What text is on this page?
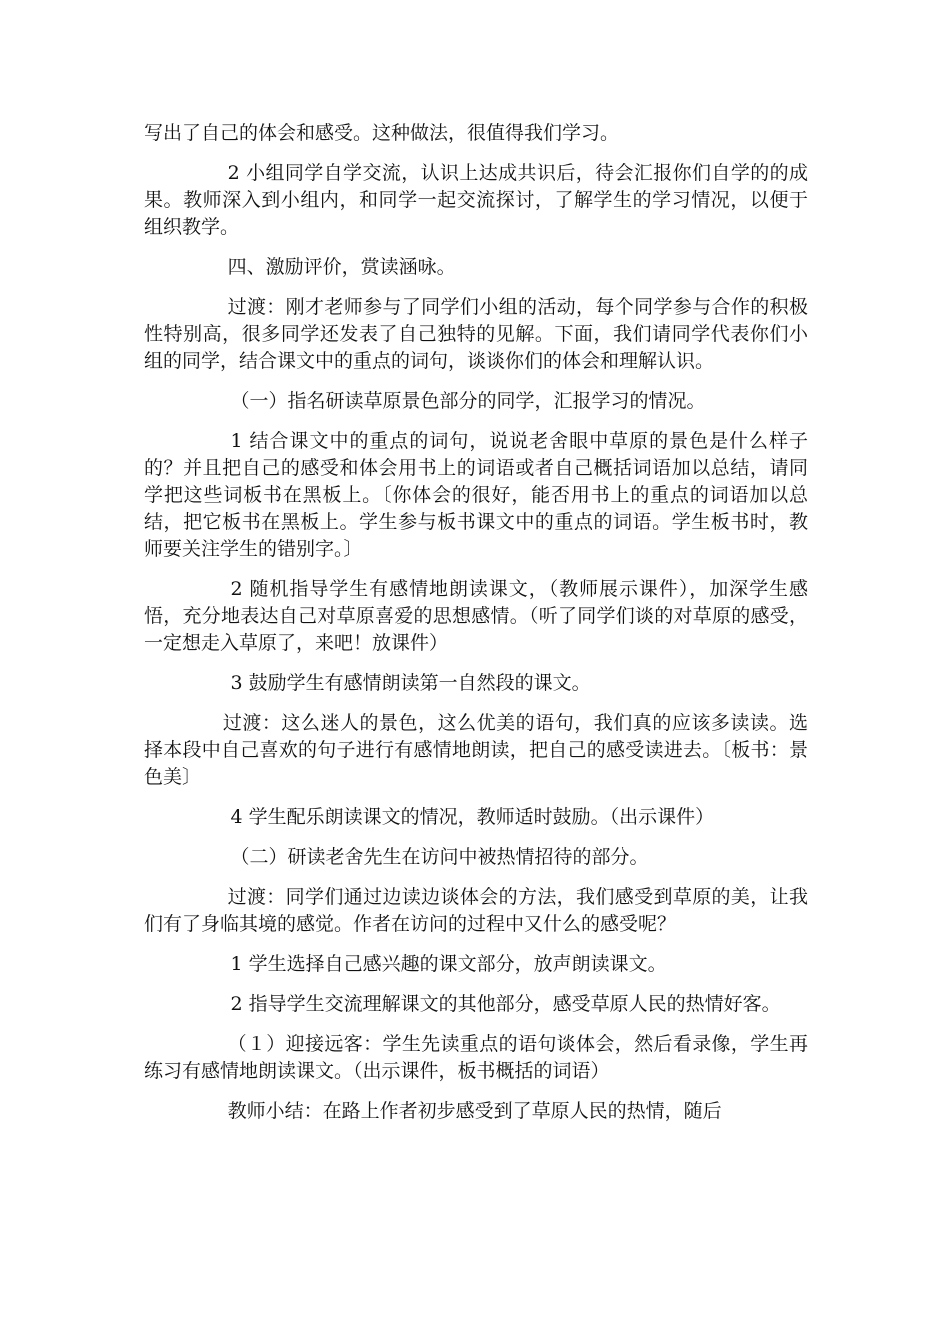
写出了自己的体会和感受。这种做法，很值得我们学习。

2 小组同学自学交流，认识上达成共识后，待会汇报你们自学的的成果。教师深入到小组内，和同学一起交流探讨，了解学生的学习情况，以便于组织教学。

四、激励评价，赏读涵咏。

过渡：刚才老师参与了同学们小组的活动，每个同学参与合作的积极性特别高，很多同学还发表了自己独特的见解。下面，我们请同学代表你们小组的同学，结合课文中的重点的词句，谈谈你们的体会和理解认识。

（一）指名研读草原景色部分的同学，汇报学习的情况。

1 结合课文中的重点的词句，说说老舍眼中草原的景色是什么样子的？并且把自己的感受和体会用书上的词语或者自己概括词语加以总结，请同学把这些词板书在黑板上。〔你体会的很好，能否用书上的重点的词语加以总结，把它板书在黑板上。学生参与板书课文中的重点的词语。学生板书时，教师要关注学生的错别字。〕

2 随机指导学生有感情地朗读课文，（教师展示课件），加深学生感悟，充分地表达自己对草原喜爱的思想感情。（听了同学们谈的对草原的感受，一定想走入草原了，来吧！放课件）

3 鼓励学生有感情朗读第一自然段的课文。

过渡：这么迷人的景色，这么优美的语句，我们真的应该多读读。选择本段中自己喜欢的句子进行有感情地朗读，把自己的感受读进去。〔板书：景色美〕

4 学生配乐朗读课文的情况，教师适时鼓励。（出示课件）

（二）研读老舍先生在访问中被热情招待的部分。

过渡：同学们通过边读边谈体会的方法，我们感受到草原的美，让我们有了身临其境的感觉。作者在访问的过程中又什么的感受呢？

1 学生选择自己感兴趣的课文部分，放声朗读课文。

2 指导学生交流理解课文的其他部分，感受草原人民的热情好客。

（１）迎接远客：学生先读重点的语句谈体会，然后看录像，学生再练习有感情地朗读课文。（出示课件，板书概括的词语）

教师小结：在路上作者初步感受到了草原人民的热情，随后
